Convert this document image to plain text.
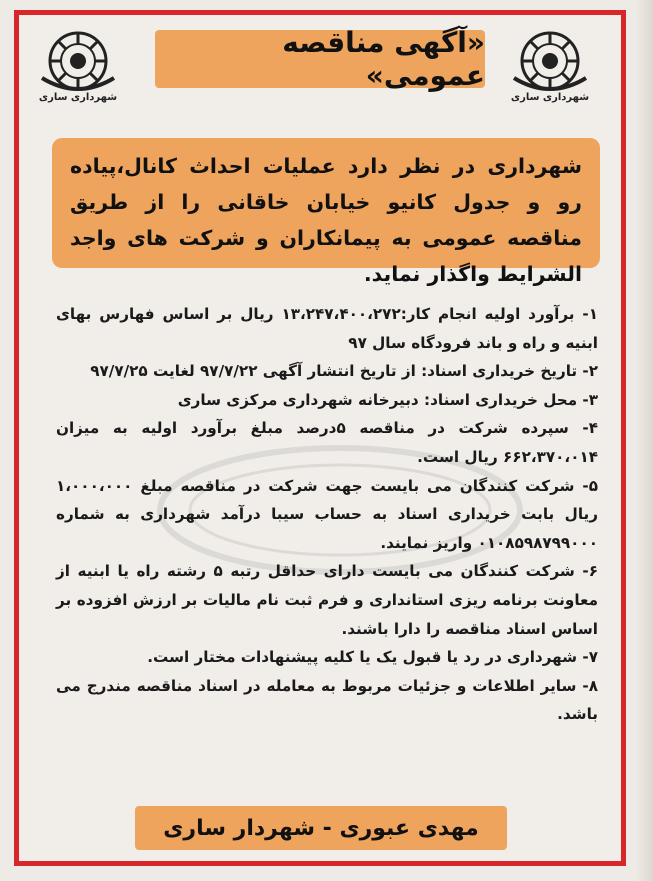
شهرداری ساری	شهرداری ساری
«آگهی مناقصه عمومی»
شهرداری در نظر دارد عملیات احداث کانال،پیاده رو و جدول کانیو خیابان خاقانی را از طریق مناقصه عمومی به پیمانکاران و شرکت های واجد الشرایط واگذار نماید.

۱- برآورد اولیه انجام کار:۱۳،۲۴۷،۴۰۰،۲۷۲ ریال بر اساس فهارس بهای ابنیه و راه و باند فرودگاه سال ۹۷

۲- تاریخ خریداری اسناد: از تاریخ انتشار آگهی ۹۷/۷/۲۲ لغایت ۹۷/۷/۲۵

۳- محل خریداری اسناد: دبیرخانه شهرداری مرکزی ساری

۴- سپرده شرکت در مناقصه ۵درصد مبلغ برآورد اولیه به میزان ۶۶۲،۳۷۰،۰۱۴ ریال است.

۵- شرکت کنندگان می بایست جهت شرکت در مناقصه مبلغ ۱،۰۰۰،۰۰۰ ریال بابت خریداری اسناد به حساب سیبا درآمد شهرداری به شماره ۰۱۰۸۵۹۸۷۹۹۰۰۰ واریز نمایند.

۶- شرکت کنندگان می بایست دارای حداقل رتبه ۵ رشته راه یا ابنیه از معاونت برنامه ریزی استانداری و فرم ثبت نام مالیات بر ارزش افزوده بر اساس اسناد مناقصه را دارا باشند.

۷- شهرداری در رد یا قبول یک یا کلیه پیشنهادات مختار است.

۸- سایر اطلاعات و جزئیات مربوط به معامله در اسناد مناقصه مندرج می باشد.

مهدی عبوری - شهردار ساری
